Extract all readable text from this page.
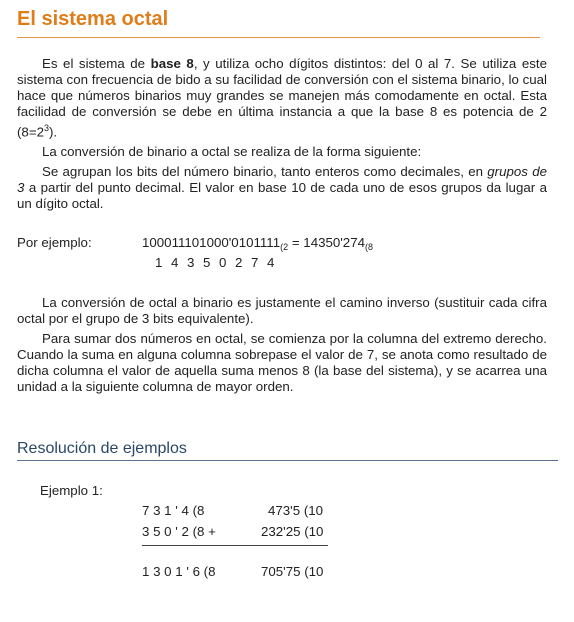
El sistema octal

Es el sistema de base 8, y utiliza ocho dígitos distintos: del 0 al 7. Se utiliza este sistema con frecuencia de bido a su facilidad de conversión con el sistema binario, lo cual hace que números binarios muy grandes se manejen más comodamente en octal. Esta facilidad de conversión se debe en última instancia a que la base 8 es potencia de 2 $(8=2^3)$.

La conversión de binario a octal se realiza de la forma siguiente:

Se agrupan los bits del número binario, tanto enteros como decimales, en grupos de 3 a partir del punto decimal. El valor en base 10 de cada uno de esos grupos da lugar a un dígito octal.

Por ejemplo:	$100011101000'0101111_{(2} = 14350'274_{(8}$
1 4 3 5 0 2 7 4

La conversión de octal a binario es justamente el camino inverso (sustituir cada cifra octal por el grupo de 3 bits equivalente).

Para sumar dos números en octal, se comienza por la columna del extremo derecho. Cuando la suma en alguna columna sobrepase el valor de 7, se anota como resultado de dicha columna el valor de aquella suma menos 8 (la base del sistema), y se acarrea una unidad a la siguiente columna de mayor orden.

Resolución de ejemplos
Ejemplo 1:
7 3 1 ' 4 (8	473'5 (10
3 5 0 ' 2 (8 +	232'25 (10
1 3 0 1 ' 6 (8	705'75 (10
